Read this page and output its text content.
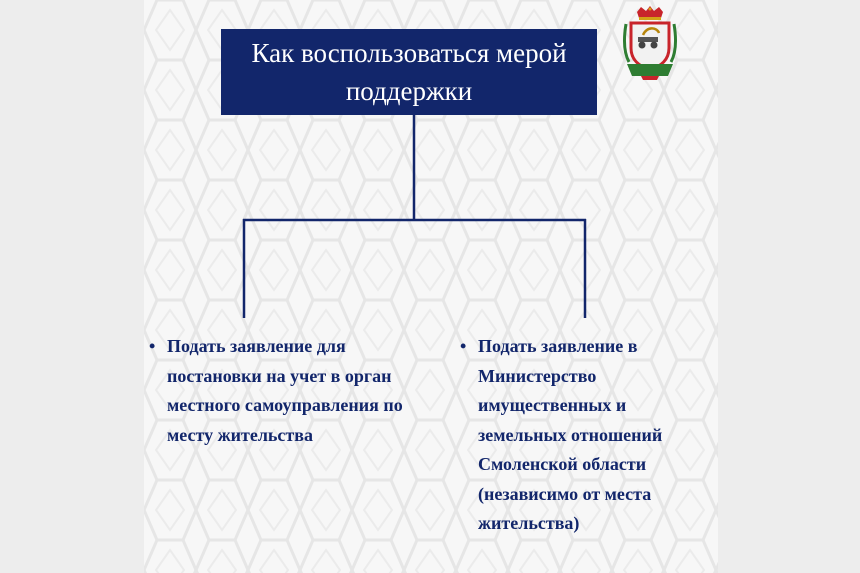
Как воспользоваться мерой поддержки
• Подать заявление для постановки на учет в орган местного самоуправления по месту жительства
• Подать заявление в Министерство имущественных и земельных отношений Смоленской области (независимо от места жительства)
